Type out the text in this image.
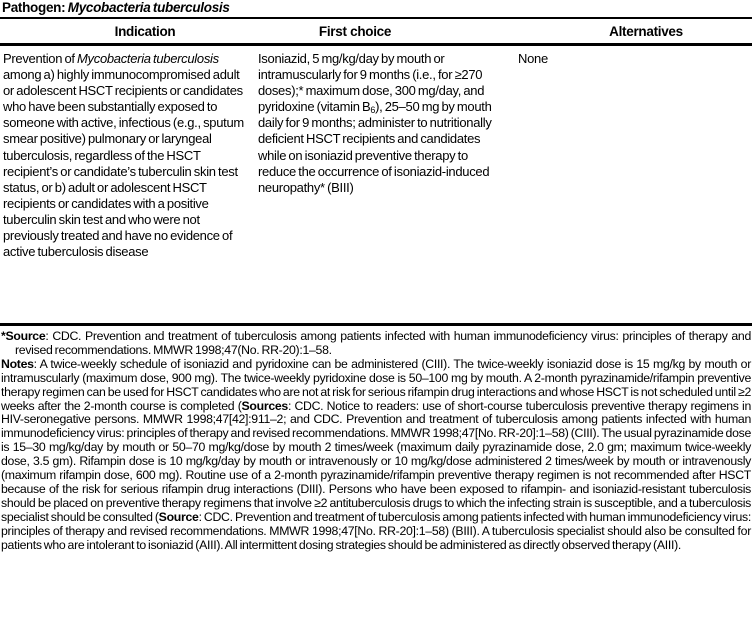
Pathogen: Mycobacteria tuberculosis
Indication	First choice	Alternatives
Prevention of Mycobacteria tuberculosis among a) highly immunocompromised adult or adolescent HSCT recipients or candidates who have been substantially exposed to someone with active, infectious (e.g., sputum smear positive) pulmonary or laryngeal tuberculosis, regardless of the HSCT recipient’s or candidate’s tuberculin skin test status, or b) adult or adolescent HSCT recipients or candidates with a positive tuberculin skin test and who were not previously treated and have no evidence of active tuberculosis disease
Isoniazid, 5 mg/kg/day by mouth or intramuscularly for 9 months (i.e., for ≥270 doses);* maximum dose, 300 mg/day, and pyridoxine (vitamin $B_6$), 25–50 mg by mouth daily for 9 months; administer to nutritionally deficient HSCT recipients and candidates while on isoniazid preventive therapy to reduce the occurrence of isoniazid-induced neuropathy* (BIII)
None

*Source: CDC. Prevention and treatment of tuberculosis among patients infected with human immunodeficiency virus: principles of therapy and revised recommendations. MMWR 1998;47(No. RR-20):1–58.

Notes: A twice-weekly schedule of isoniazid and pyridoxine can be administered (CIII). The twice-weekly isoniazid dose is 15 mg/kg by mouth or intramuscularly (maximum dose, 900 mg). The twice-weekly pyridoxine dose is 50–100 mg by mouth. A 2-month pyrazinamide/rifampin preventive therapy regimen can be used for HSCT candidates who are not at risk for serious rifampin drug interactions and whose HSCT is not scheduled until ≥2 weeks after the 2-month course is completed (Sources: CDC. Notice to readers: use of short-course tuberculosis preventive therapy regimens in HIV-seronegative persons. MMWR 1998;47[42]:911–2; and CDC. Prevention and treatment of tuberculosis among patients infected with human immunodeficiency virus: principles of therapy and revised recommendations. MMWR 1998;47[No. RR-20]:1–58) (CIII). The usual pyrazinamide dose is 15–30 mg/kg/day by mouth or 50–70 mg/kg/dose by mouth 2 times/week (maximum daily pyrazinamide dose, 2.0 gm; maximum twice-weekly dose, 3.5 gm). Rifampin dose is 10 mg/kg/day by mouth or intravenously or 10 mg/kg/dose administered 2 times/week by mouth or intravenously (maximum rifampin dose, 600 mg). Routine use of a 2-month pyrazinamide/rifampin preventive therapy regimen is not recommended after HSCT because of the risk for serious rifampin drug interactions (DIII). Persons who have been exposed to rifampin- and isoniazid-resistant tuberculosis should be placed on preventive therapy regimens that involve ≥2 antituberculosis drugs to which the infecting strain is susceptible, and a tuberculosis specialist should be consulted (Source: CDC. Prevention and treatment of tuberculosis among patients infected with human immunodeficiency virus: principles of therapy and revised recommendations. MMWR 1998;47[No. RR-20]:1–58) (BIII). A tuberculosis specialist should also be consulted for patients who are intolerant to isoniazid (AIII). All intermittent dosing strategies should be administered as directly observed therapy (AIII).
